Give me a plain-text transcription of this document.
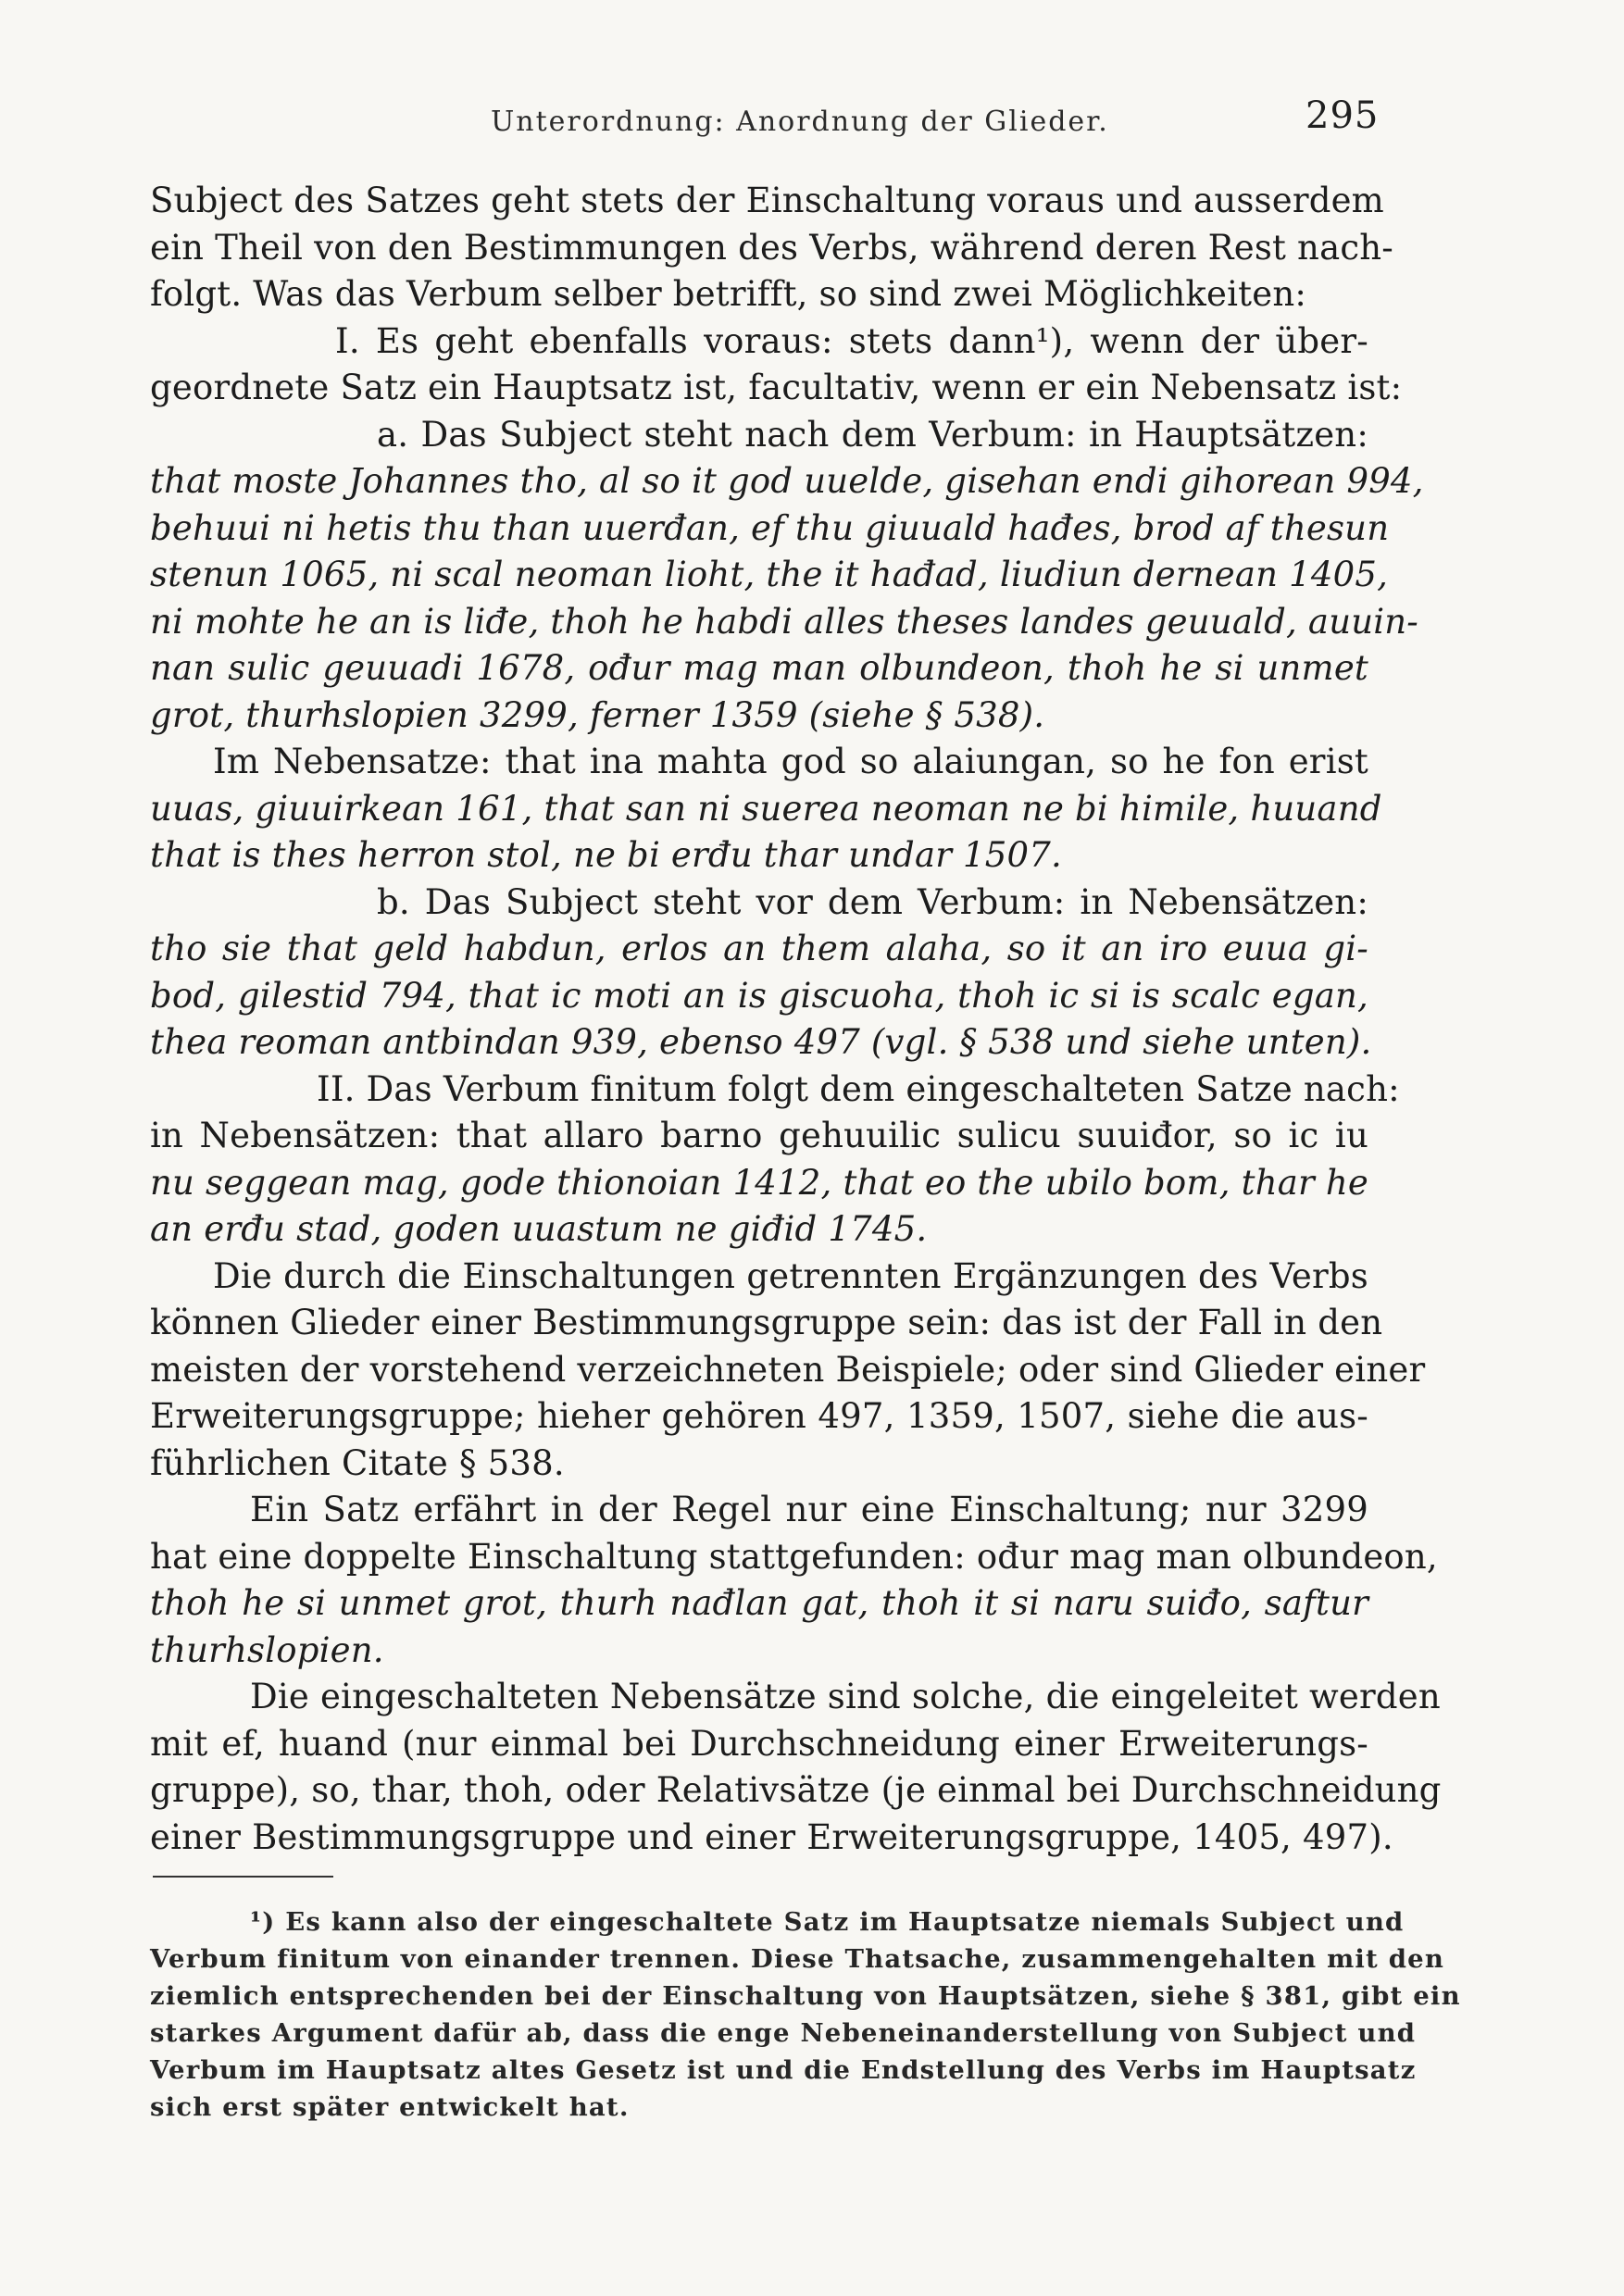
Unterordnung: Anordnung der Glieder.	295
Subject des Satzes geht stets der Einschaltung voraus und ausserdem
ein Theil von den Bestimmungen des Verbs, während deren Rest nach-
folgt. Was das Verbum selber betrifft, so sind zwei Möglichkeiten:
I. Es geht ebenfalls voraus: stets dann¹), wenn der über-
geordnete Satz ein Hauptsatz ist, facultativ, wenn er ein Nebensatz ist:
a. Das Subject steht nach dem Verbum: in Hauptsätzen:
that moste Johannes tho, al so it god uuelde, gisehan endi gihorean 994,
behuui ni hetis thu than uuerđan, ef thu giuuald hađes, brod af thesun
stenun 1065, ni scal neoman lioht, the it hađad, liudiun dernean 1405,
ni mohte he an is liđe, thoh he habdi alles theses landes geuuald, auuin-
nan sulic geuuadi 1678, ođur mag man olbundeon, thoh he si unmet
grot, thurhslopien 3299, ferner 1359 (siehe § 538).
Im Nebensatze: that ina mahta god so alaiungan, so he fon erist
uuas, giuuirkean 161, that san ni suerea neoman ne bi himile, huuand
that is thes herron stol, ne bi erđu thar undar 1507.
b. Das Subject steht vor dem Verbum: in Nebensätzen:
tho sie that geld habdun, erlos an them alaha, so it an iro euua gi-
bod, gilestid 794, that ic moti an is giscuoha, thoh ic si is scalc egan,
thea reoman antbindan 939, ebenso 497 (vgl. § 538 und siehe unten).
II. Das Verbum finitum folgt dem eingeschalteten Satze nach:
in Nebensätzen: that allaro barno gehuuilic sulicu suuiđor, so ic iu
nu seggean mag, gode thionoian 1412, that eo the ubilo bom, thar he
an erđu stad, goden uuastum ne giđid 1745.
Die durch die Einschaltungen getrennten Ergänzungen des Verbs
können Glieder einer Bestimmungsgruppe sein: das ist der Fall in den
meisten der vorstehend verzeichneten Beispiele; oder sind Glieder einer
Erweiterungsgruppe; hieher gehören 497, 1359, 1507, siehe die aus-
führlichen Citate § 538.
Ein Satz erfährt in der Regel nur eine Einschaltung; nur 3299
hat eine doppelte Einschaltung stattgefunden: ođur mag man olbundeon,
thoh he si unmet grot, thurh nađlan gat, thoh it si naru suiđo, saftur
thurhslopien.
Die eingeschalteten Nebensätze sind solche, die eingeleitet werden
mit ef, huand (nur einmal bei Durchschneidung einer Erweiterungs-
gruppe), so, thar, thoh, oder Relativsätze (je einmal bei Durchschneidung
einer Bestimmungsgruppe und einer Erweiterungsgruppe, 1405, 497).
¹) Es kann also der eingeschaltete Satz im Hauptsatze niemals Subject und
Verbum finitum von einander trennen. Diese Thatsache, zusammengehalten mit den
ziemlich entsprechenden bei der Einschaltung von Hauptsätzen, siehe § 381, gibt ein
starkes Argument dafür ab, dass die enge Nebeneinanderstellung von Subject und
Verbum im Hauptsatz altes Gesetz ist und die Endstellung des Verbs im Hauptsatz
sich erst später entwickelt hat.
